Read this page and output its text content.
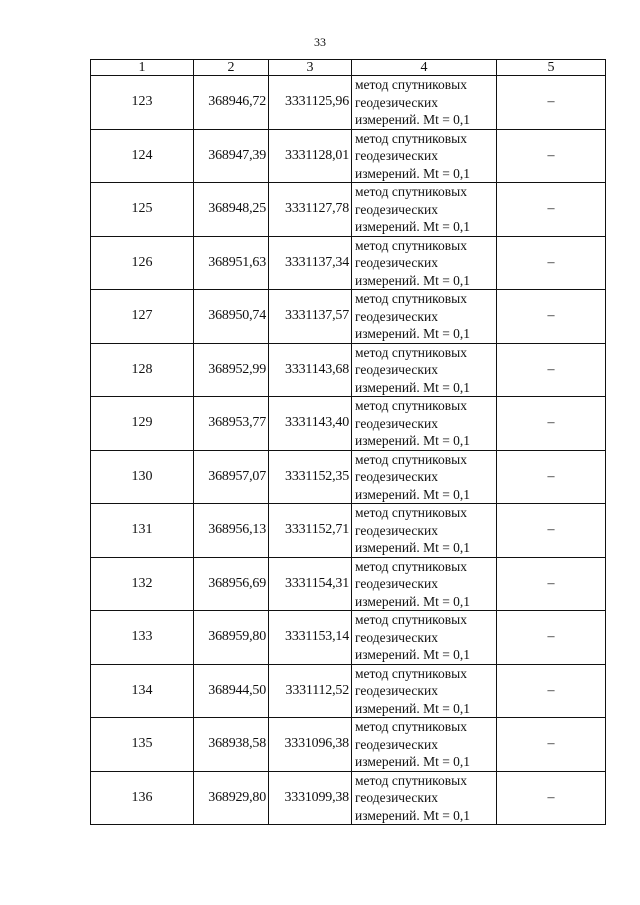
33
1	2	3	4	5
123	368946,72	3331125,96	метод спутниковых
геодезических
измерений. Mt = 0,1	–
124	368947,39	3331128,01	метод спутниковых
геодезических
измерений. Mt = 0,1	–
125	368948,25	3331127,78	метод спутниковых
геодезических
измерений. Mt = 0,1	–
126	368951,63	3331137,34	метод спутниковых
геодезических
измерений. Mt = 0,1	–
127	368950,74	3331137,57	метод спутниковых
геодезических
измерений. Mt = 0,1	–
128	368952,99	3331143,68	метод спутниковых
геодезических
измерений. Mt = 0,1	–
129	368953,77	3331143,40	метод спутниковых
геодезических
измерений. Mt = 0,1	–
130	368957,07	3331152,35	метод спутниковых
геодезических
измерений. Mt = 0,1	–
131	368956,13	3331152,71	метод спутниковых
геодезических
измерений. Mt = 0,1	–
132	368956,69	3331154,31	метод спутниковых
геодезических
измерений. Mt = 0,1	–
133	368959,80	3331153,14	метод спутниковых
геодезических
измерений. Mt = 0,1	–
134	368944,50	3331112,52	метод спутниковых
геодезических
измерений. Mt = 0,1	–
135	368938,58	3331096,38	метод спутниковых
геодезических
измерений. Mt = 0,1	–
136	368929,80	3331099,38	метод спутниковых
геодезических
измерений. Mt = 0,1	–
